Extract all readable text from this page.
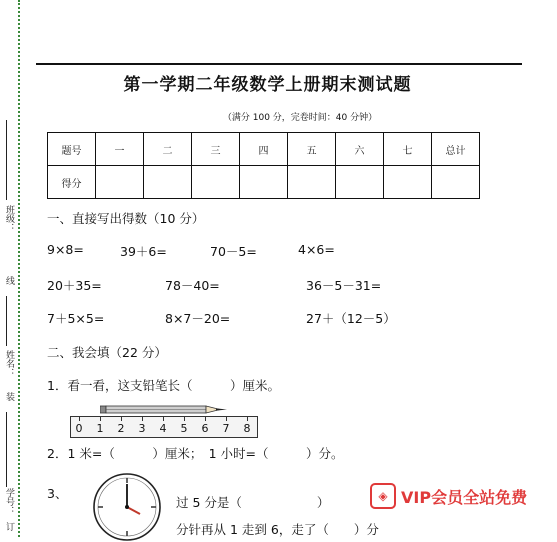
班级：
线
姓名：
装
学号：
订
第一学期二年级数学上册期末测试题
（满分 100 分，完卷时间：40 分钟）
题号	一	二	三	四	五	六	七	总计
得分								
一、直接写出得数（10 分）
9×8=	39＋6=	70－5=	4×6=
20＋35=	78－40=	36－5－31=
7＋5×5=	8×7－20=	27＋（12－5）
二、我会填（22 分）
1．看一看，这支铅笔长（　　　）厘米。
0 1 2 3 4 5 6 7 8
2．1 米=（　　　）厘米；　1 小时=（　　　）分。
3、
过 5 分是（　　　　　　）
分针再从 1 走到 6，走了（　　）分
◈ VIP会员全站免费
